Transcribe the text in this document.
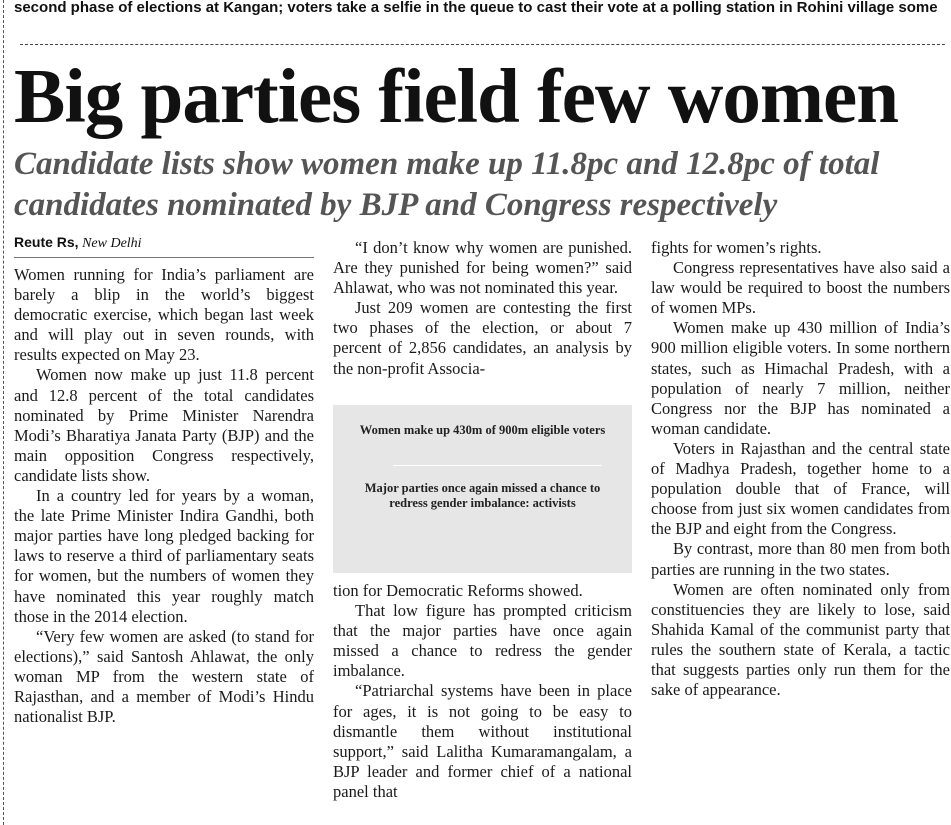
second phase of elections at Kangan; voters take a selfie in the queue to cast their vote at a polling station in Rohini village some
Big parties field few women
Candidate lists show women make up 11.8pc and 12.8pc of total candidates nominated by BJP and Congress respectively
Reute Rs, New Delhi

Women running for India’s parliament are barely a blip in the world’s biggest democratic exercise, which began last week and will play out in seven rounds, with results expected on May 23.

Women now make up just 11.8 percent and 12.8 percent of the total candidates nominated by Prime Minister Narendra Modi’s Bharatiya Janata Party (BJP) and the main opposition Congress respectively, candidate lists show.

In a country led for years by a woman, the late Prime Minister Indira Gandhi, both major parties have long pledged backing for laws to reserve a third of parliamentary seats for women, but the numbers of women they have nominated this year roughly match those in the 2014 election.

“Very few women are asked (to stand for elections),” said Santosh Ahlawat, the only woman MP from the western state of Rajasthan, and a member of Modi’s Hindu nationalist BJP.

“I don’t know why women are punished. Are they punished for being women?” said Ahlawat, who was not nominated this year.

Just 209 women are contesting the first two phases of the election, or about 7 percent of 2,856 candidates, an analysis by the non-profit Associa-

Women make up 430m of 900m eligible voters
Major parties once again missed a chance to redress gender imbalance: activists

tion for Democratic Reforms showed.

That low figure has prompted criticism that the major parties have once again missed a chance to redress the gender imbalance.

“Patriarchal systems have been in place for ages, it is not going to be easy to dismantle them without institutional support,” said Lalitha Kumaramangalam, a BJP leader and former chief of a national panel that

fights for women’s rights.

Congress representatives have also said a law would be required to boost the numbers of women MPs.

Women make up 430 million of India’s 900 million eligible voters. In some northern states, such as Himachal Pradesh, with a population of nearly 7 million, neither Congress nor the BJP has nominated a woman candidate.

Voters in Rajasthan and the central state of Madhya Pradesh, together home to a population double that of France, will choose from just six women candidates from the BJP and eight from the Congress.

By contrast, more than 80 men from both parties are running in the two states.

Women are often nominated only from constituencies they are likely to lose, said Shahida Kamal of the communist party that rules the southern state of Kerala, a tactic that suggests parties only run them for the sake of appearance.
